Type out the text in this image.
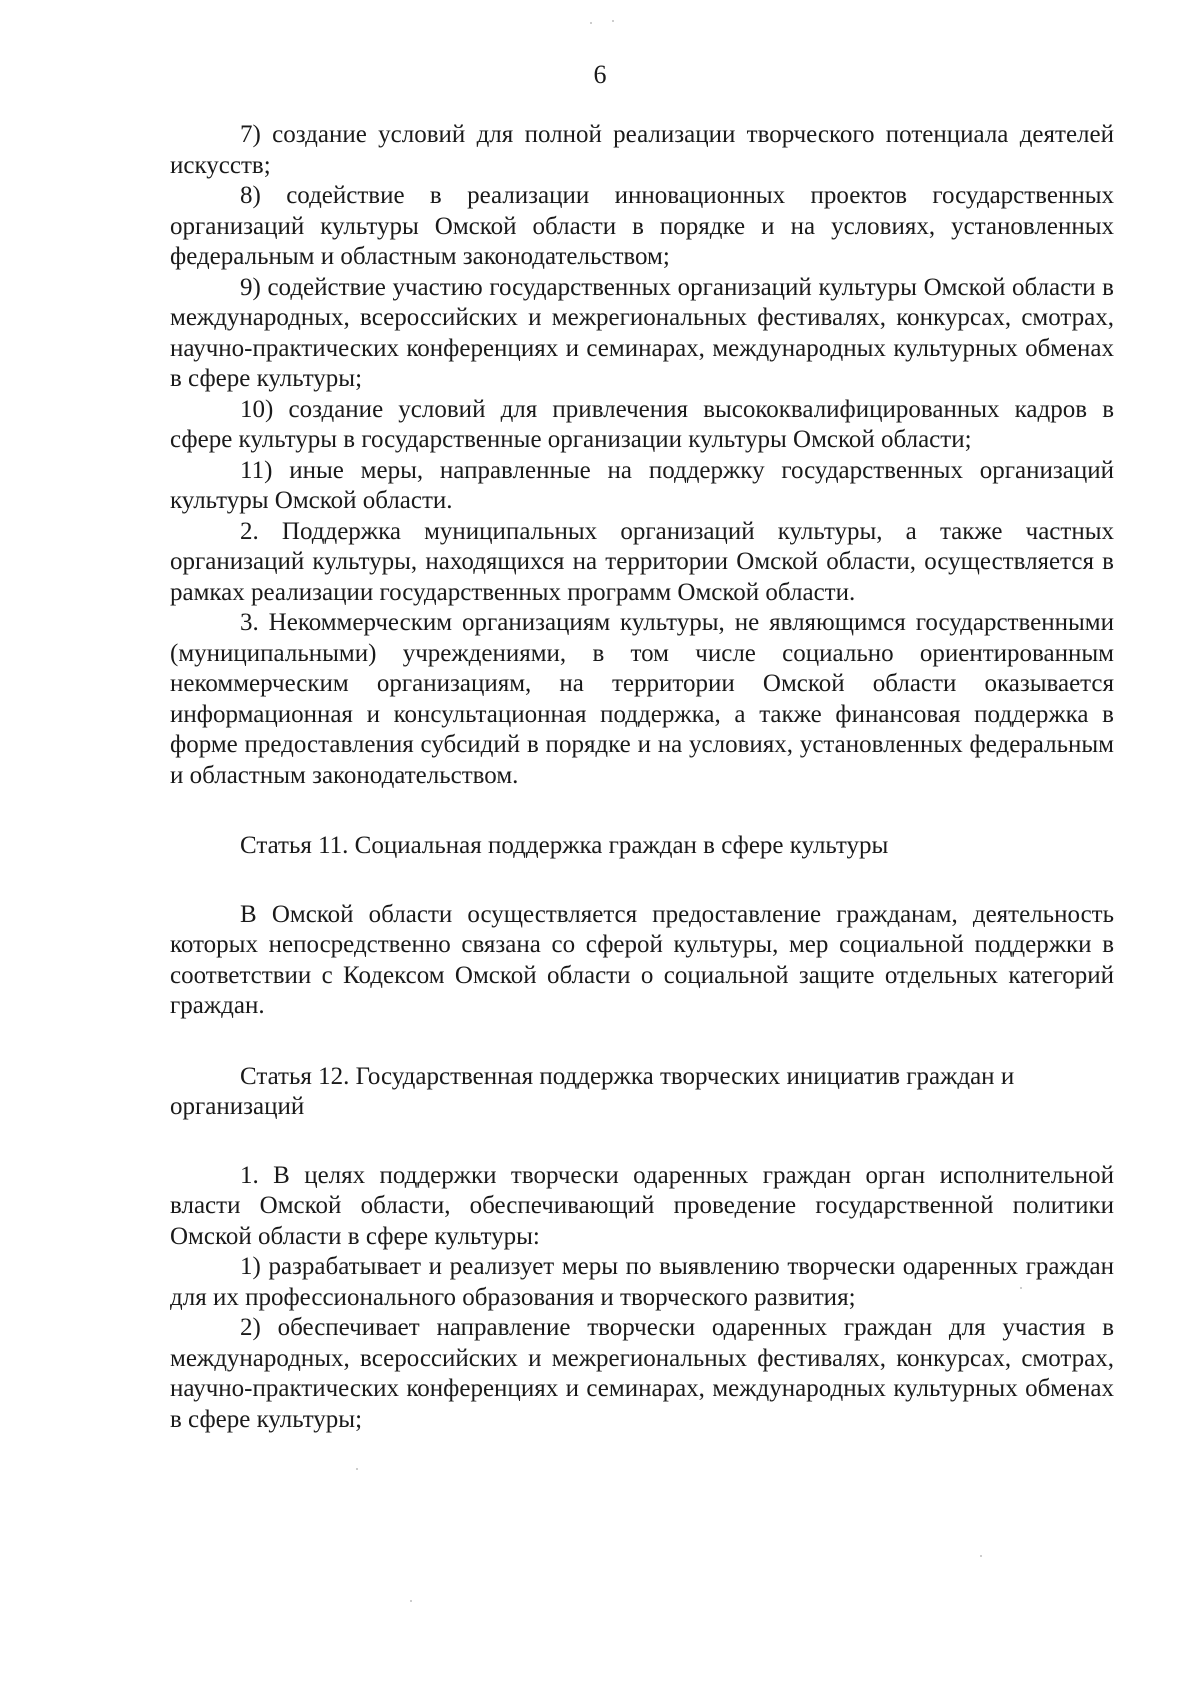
6

7) создание условий для полной реализации творческого потенциала деятелей искусств;

8) содействие в реализации инновационных проектов государственных организаций культуры Омской области в порядке и на условиях, установленных федеральным и областным законодательством;

9) содействие участию государственных организаций культуры Омской области в международных, всероссийских и межрегиональных фестивалях, конкурсах, смотрах, научно-практических конференциях и семинарах, международных культурных обменах в сфере культуры;

10) создание условий для привлечения высококвалифицированных кадров в сфере культуры в государственные организации культуры Омской области;

11) иные меры, направленные на поддержку государственных организаций культуры Омской области.

2. Поддержка муниципальных организаций культуры, а также частных организаций культуры, находящихся на территории Омской области, осуществляется в рамках реализации государственных программ Омской области.

3. Некоммерческим организациям культуры, не являющимся государственными (муниципальными) учреждениями, в том числе социально ориентированным некоммерческим организациям, на территории Омской области оказывается информационная и консультационная поддержка, а также финансовая поддержка в форме предоставления субсидий в порядке и на условиях, установленных федеральным и областным законодательством.

Статья 11. Социальная поддержка граждан в сфере культуры

В Омской области осуществляется предоставление гражданам, деятельность которых непосредственно связана со сферой культуры, мер социальной поддержки в соответствии с Кодексом Омской области о социальной защите отдельных категорий граждан.

Статья 12. Государственная поддержка творческих инициатив граждан и организаций

1. В целях поддержки творчески одаренных граждан орган исполнительной власти Омской области, обеспечивающий проведение государственной политики Омской области в сфере культуры:

1) разрабатывает и реализует меры по выявлению творчески одаренных граждан для их профессионального образования и творческого развития;

2) обеспечивает направление творчески одаренных граждан для участия в международных, всероссийских и межрегиональных фестивалях, конкурсах, смотрах, научно-практических конференциях и семинарах, международных культурных обменах в сфере культуры;
